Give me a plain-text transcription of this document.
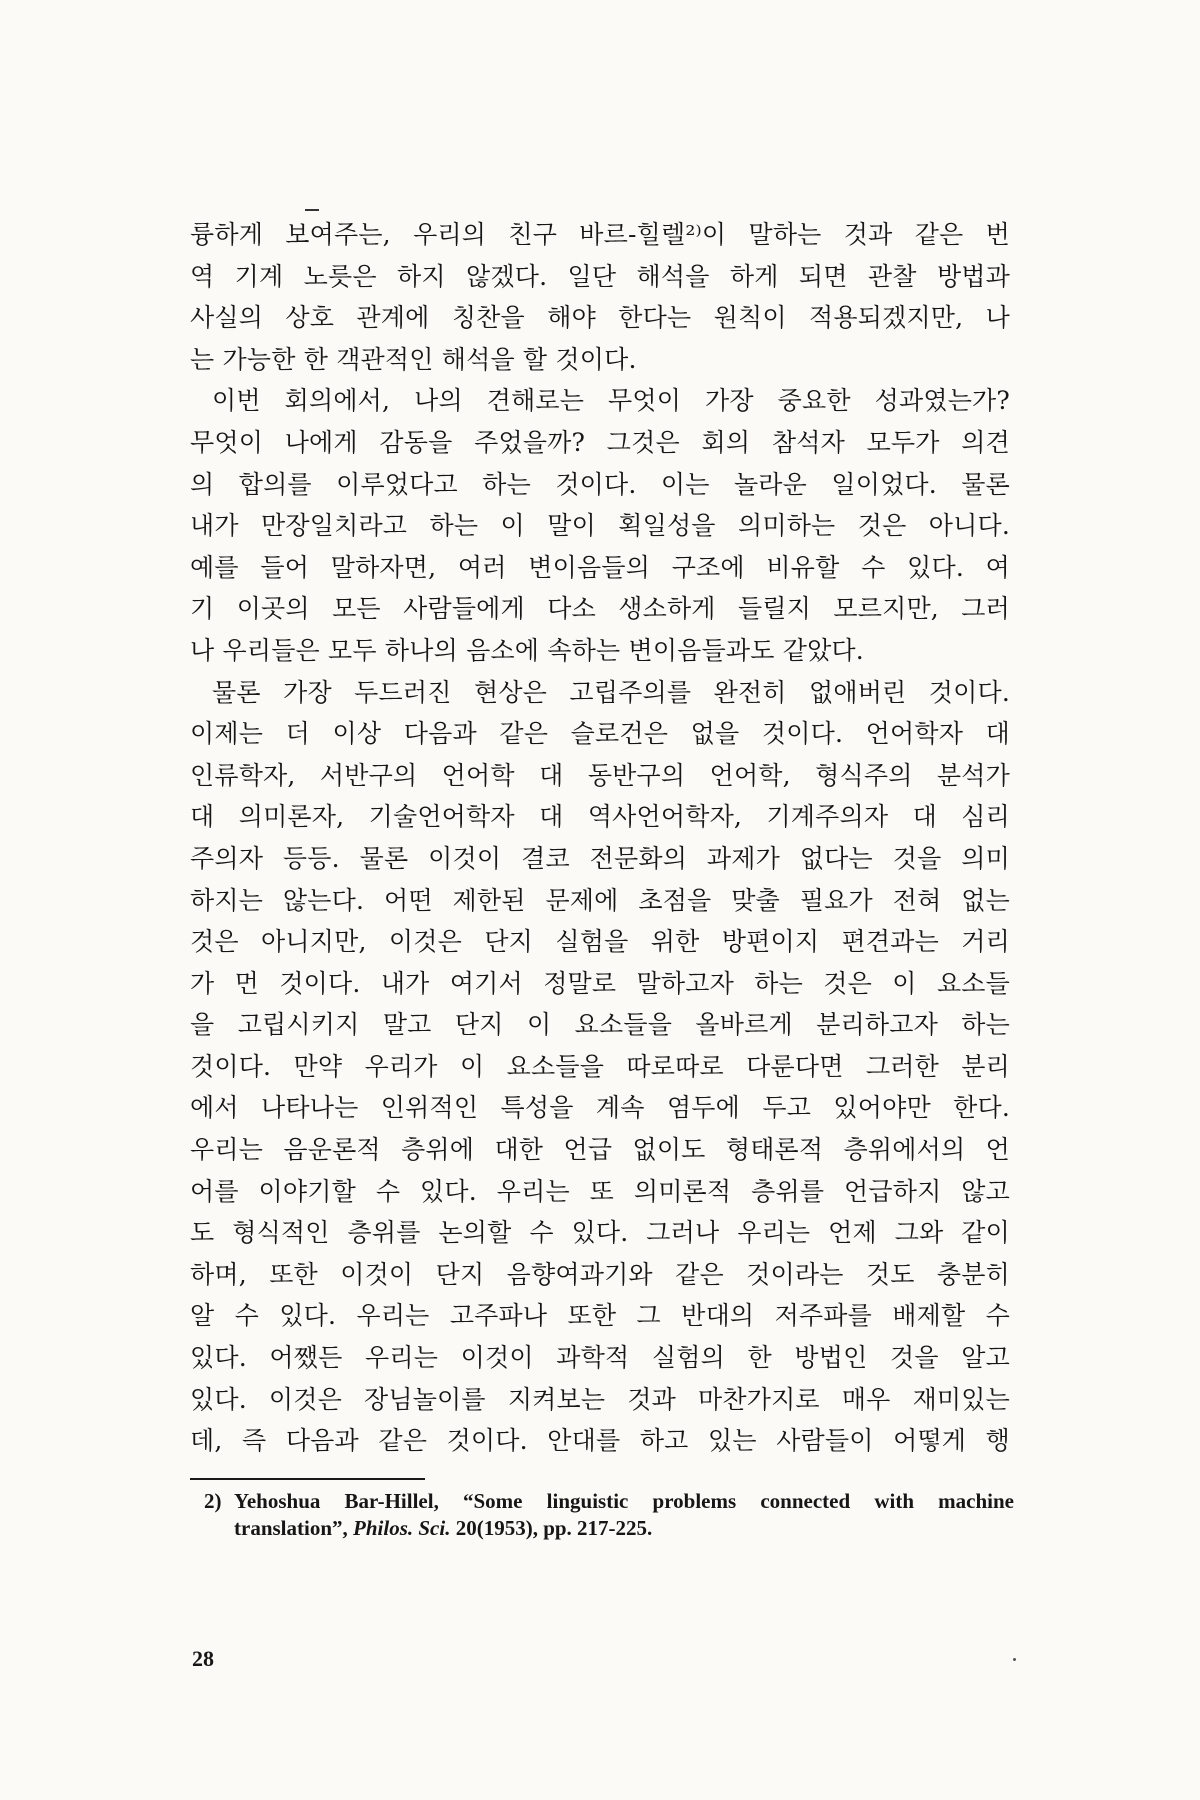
륭하게 보여주는, 우리의 친구 바르-힐렐²⁾이 말하는 것과 같은 번
역 기계 노릇은 하지 않겠다. 일단 해석을 하게 되면 관찰 방법과
사실의 상호 관계에 칭찬을 해야 한다는 원칙이 적용되겠지만, 나
는 가능한 한 객관적인 해석을 할 것이다.
이번 회의에서, 나의 견해로는 무엇이 가장 중요한 성과였는가?
무엇이 나에게 감동을 주었을까? 그것은 회의 참석자 모두가 의견
의 합의를 이루었다고 하는 것이다. 이는 놀라운 일이었다. 물론
내가 만장일치라고 하는 이 말이 획일성을 의미하는 것은 아니다.
예를 들어 말하자면, 여러 변이음들의 구조에 비유할 수 있다. 여
기 이곳의 모든 사람들에게 다소 생소하게 들릴지 모르지만, 그러
나 우리들은 모두 하나의 음소에 속하는 변이음들과도 같았다.
물론 가장 두드러진 현상은 고립주의를 완전히 없애버린 것이다.
이제는 더 이상 다음과 같은 슬로건은 없을 것이다. 언어학자 대
인류학자, 서반구의 언어학 대 동반구의 언어학, 형식주의 분석가
대 의미론자, 기술언어학자 대 역사언어학자, 기계주의자 대 심리
주의자 등등. 물론 이것이 결코 전문화의 과제가 없다는 것을 의미
하지는 않는다. 어떤 제한된 문제에 초점을 맞출 필요가 전혀 없는
것은 아니지만, 이것은 단지 실험을 위한 방편이지 편견과는 거리
가 먼 것이다. 내가 여기서 정말로 말하고자 하는 것은 이 요소들
을 고립시키지 말고 단지 이 요소들을 올바르게 분리하고자 하는
것이다. 만약 우리가 이 요소들을 따로따로 다룬다면 그러한 분리
에서 나타나는 인위적인 특성을 계속 염두에 두고 있어야만 한다.
우리는 음운론적 층위에 대한 언급 없이도 형태론적 층위에서의 언
어를 이야기할 수 있다. 우리는 또 의미론적 층위를 언급하지 않고
도 형식적인 층위를 논의할 수 있다. 그러나 우리는 언제 그와 같이
하며, 또한 이것이 단지 음향여과기와 같은 것이라는 것도 충분히
알 수 있다. 우리는 고주파나 또한 그 반대의 저주파를 배제할 수
있다. 어쨌든 우리는 이것이 과학적 실험의 한 방법인 것을 알고
있다. 이것은 장님놀이를 지켜보는 것과 마찬가지로 매우 재미있는
데, 즉 다음과 같은 것이다. 안대를 하고 있는 사람들이 어떻게 행
2) Yehoshua Bar-Hillel, “Some linguistic problems connected with machine
translation”, Philos. Sci. 20(1953), pp. 217-225.
28
